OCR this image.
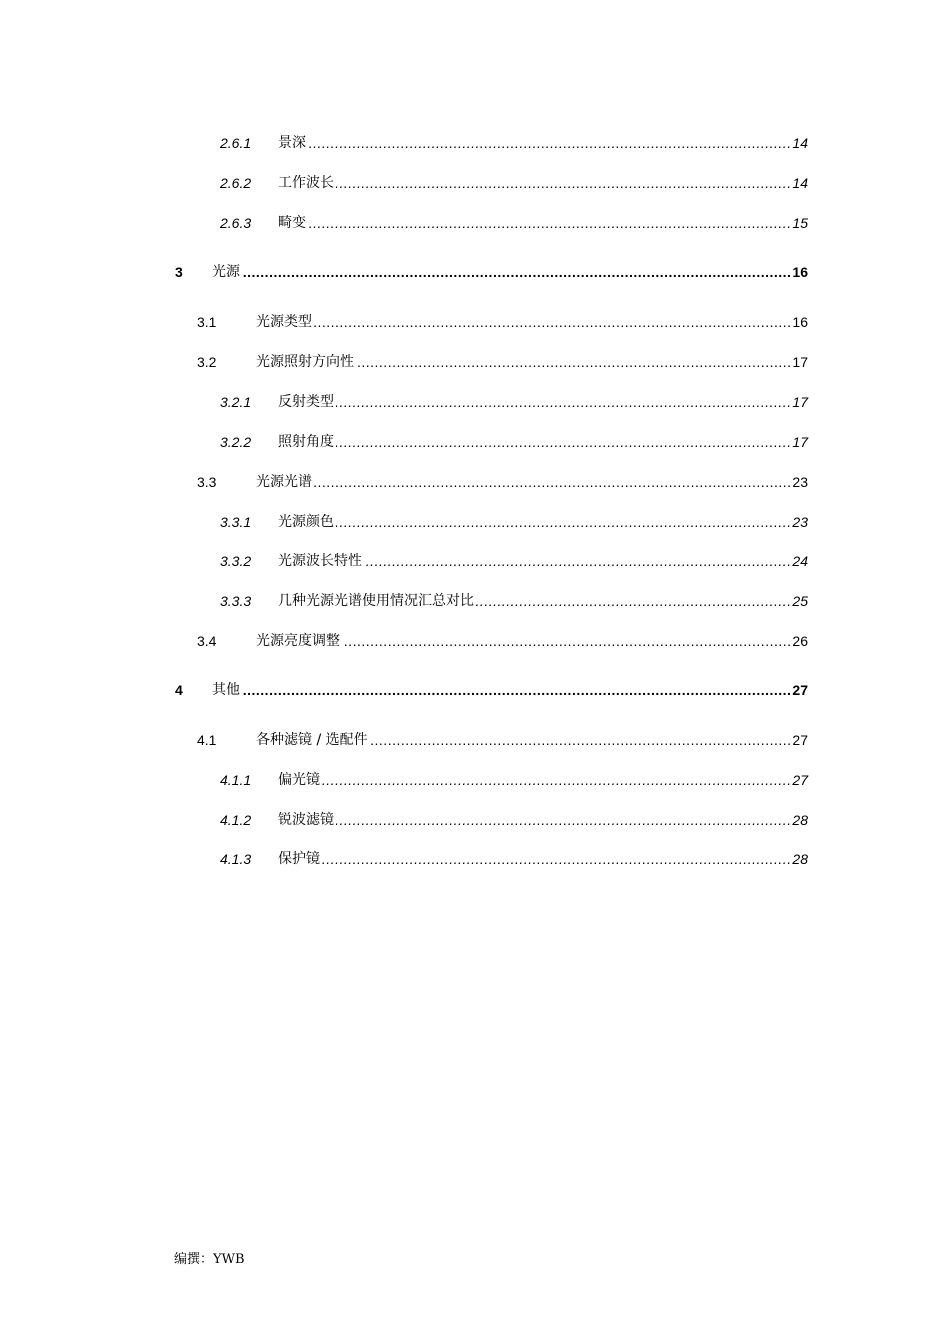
2.6.1 ..... 景深	14
2.6.2 ..... 工作波长	14
2.6.3 ..... 畸变	15
3 ..... 光源	16
3.1 .....	光源类型	16
3.2 .....	光源照射方向性	17
3.2.1 ..... 反射类型	17
3.2.2 ..... 照射角度	17
3.3 .....	光源光谱	23
3.3.1 ..... 光源颜色	23
3.3.2 ..... 光源波长特性	24
3.3.3 ..... 几种光源光谱使用情况汇总对比	25
3.4 .....	光源亮度调整	26
4 ..... 其他	27
4.1 .....	各种滤镜 / 选配件	27
4.1.1 ..... 偏光镜	27
4.1.2 ..... 锐波滤镜	28
4.1.3 ..... 保护镜	28
编撰：YWB
